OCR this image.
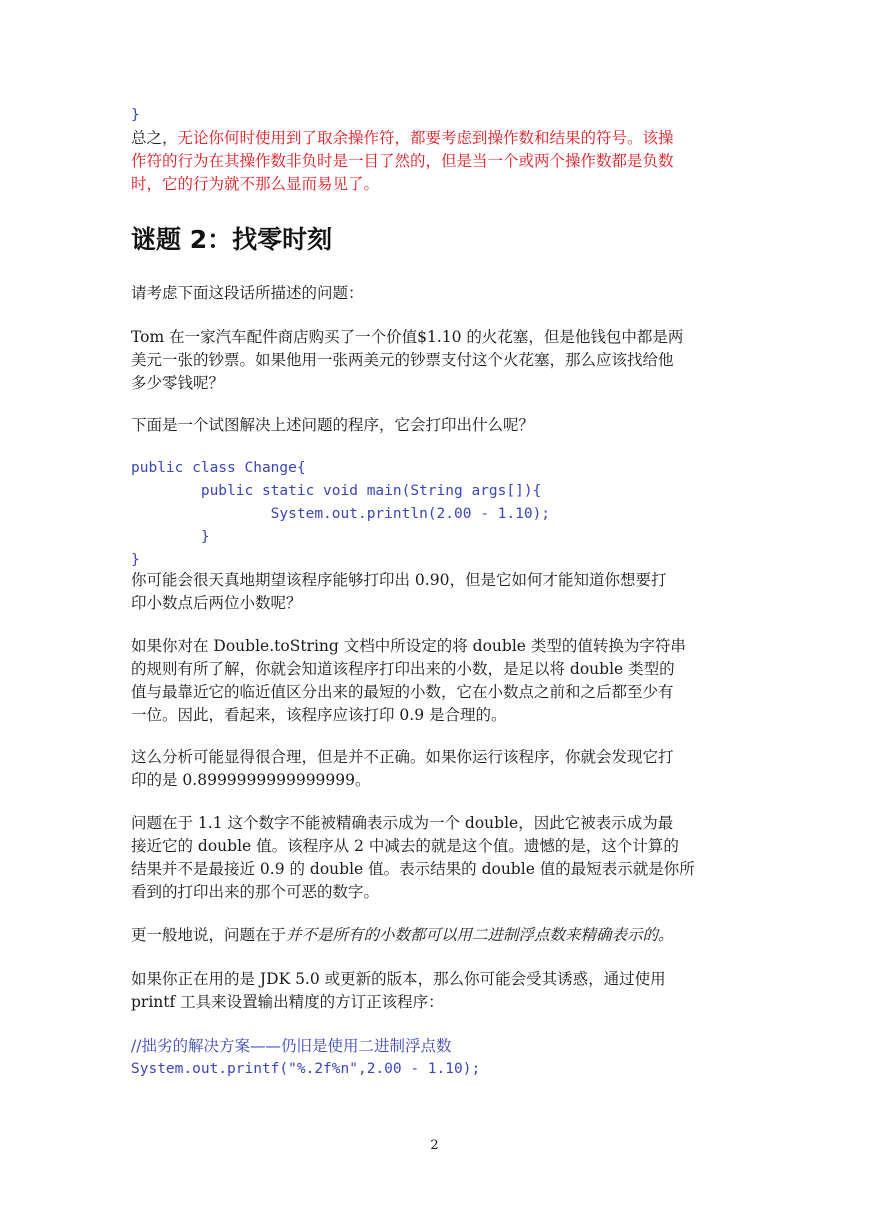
}
总之，无论你何时使用到了取余操作符，都要考虑到操作数和结果的符号。该操
作符的行为在其操作数非负时是一目了然的，但是当一个或两个操作数都是负数
时，它的行为就不那么显而易见了。
谜题 2：找零时刻
请考虑下面这段话所描述的问题：
Tom 在一家汽车配件商店购买了一个价值$1.10 的火花塞，但是他钱包中都是两
美元一张的钞票。如果他用一张两美元的钞票支付这个火花塞，那么应该找给他
多少零钱呢？
下面是一个试图解决上述问题的程序，它会打印出什么呢？
public class Change{
public static void main(String args[]){
System.out.println(2.00 - 1.10);
}
}
你可能会很天真地期望该程序能够打印出 0.90，但是它如何才能知道你想要打
印小数点后两位小数呢？
如果你对在 Double.toString 文档中所设定的将 double 类型的值转换为字符串
的规则有所了解，你就会知道该程序打印出来的小数，是足以将 double 类型的
值与最靠近它的临近值区分出来的最短的小数，它在小数点之前和之后都至少有
一位。因此，看起来，该程序应该打印 0.9 是合理的。
这么分析可能显得很合理，但是并不正确。如果你运行该程序，你就会发现它打
印的是 0.8999999999999999。
问题在于 1.1 这个数字不能被精确表示成为一个 double，因此它被表示成为最
接近它的 double 值。该程序从 2 中减去的就是这个值。遗憾的是，这个计算的
结果并不是最接近 0.9 的 double 值。表示结果的 double 值的最短表示就是你所
看到的打印出来的那个可恶的数字。
更一般地说，问题在于并不是所有的小数都可以用二进制浮点数来精确表示的。
如果你正在用的是 JDK 5.0 或更新的版本，那么你可能会受其诱惑，通过使用
printf 工具来设置输出精度的方订正该程序：
//拙劣的解决方案——仍旧是使用二进制浮点数
System.out.printf("%.2f%n",2.00 - 1.10);
2
